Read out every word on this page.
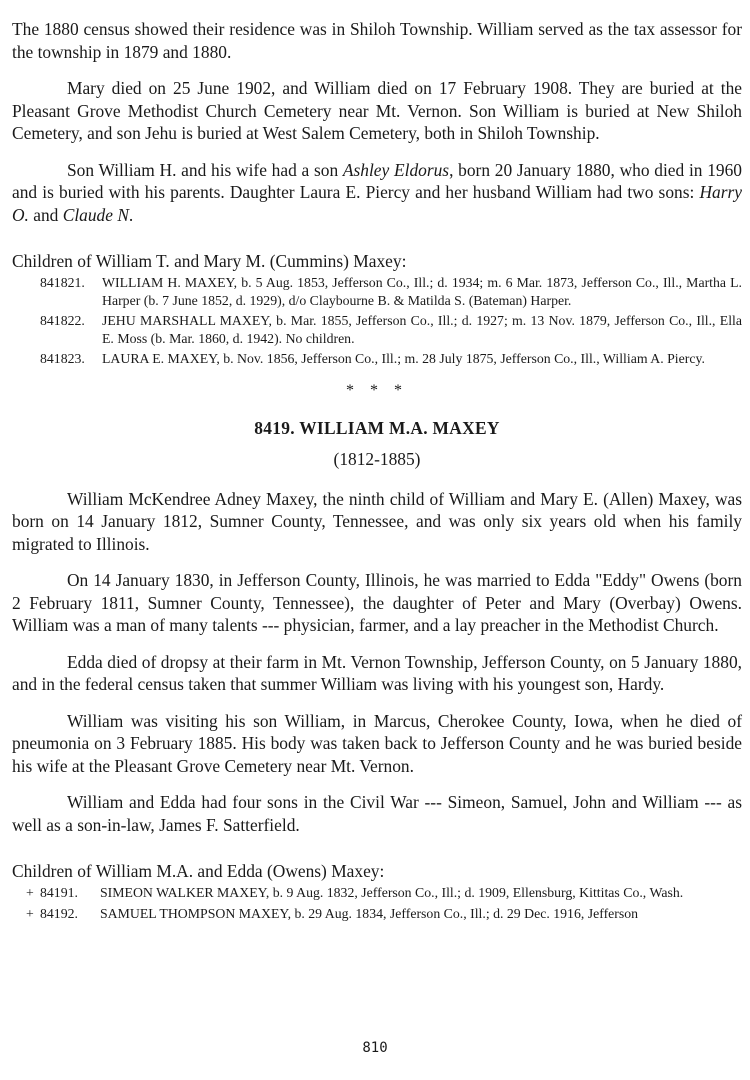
The 1880 census showed their residence was in Shiloh Township. William served as the tax assessor for the township in 1879 and 1880.

Mary died on 25 June 1902, and William died on 17 February 1908. They are buried at the Pleasant Grove Methodist Church Cemetery near Mt. Vernon. Son William is buried at New Shiloh Cemetery, and son Jehu is buried at West Salem Cemetery, both in Shiloh Township.

Son William H. and his wife had a son Ashley Eldorus, born 20 January 1880, who died in 1960 and is buried with his parents. Daughter Laura E. Piercy and her husband William had two sons: Harry O. and Claude N.

Children of William T. and Mary M. (Cummins) Maxey:
841821.	WILLIAM H. MAXEY, b. 5 Aug. 1853, Jefferson Co., Ill.; d. 1934; m. 6 Mar. 1873, Jefferson Co., Ill., Martha L. Harper (b. 7 June 1852, d. 1929), d/o Claybourne B. & Matilda S. (Bateman) Harper.
841822.	JEHU MARSHALL MAXEY, b. Mar. 1855, Jefferson Co., Ill.; d. 1927; m. 13 Nov. 1879, Jefferson Co., Ill., Ella E. Moss (b. Mar. 1860, d. 1942). No children.
841823.	LAURA E. MAXEY, b. Nov. 1856, Jefferson Co., Ill.; m. 28 July 1875, Jefferson Co., Ill., William A. Piercy.
* * *
8419. WILLIAM M.A. MAXEY
(1812-1885)

William McKendree Adney Maxey, the ninth child of William and Mary E. (Allen) Maxey, was born on 14 January 1812, Sumner County, Tennessee, and was only six years old when his family migrated to Illinois.

On 14 January 1830, in Jefferson County, Illinois, he was married to Edda "Eddy" Owens (born 2 February 1811, Sumner County, Tennessee), the daughter of Peter and Mary (Overbay) Owens. William was a man of many talents --- physician, farmer, and a lay preacher in the Methodist Church.

Edda died of dropsy at their farm in Mt. Vernon Township, Jefferson County, on 5 January 1880, and in the federal census taken that summer William was living with his youngest son, Hardy.

William was visiting his son William, in Marcus, Cherokee County, Iowa, when he died of pneumonia on 3 February 1885. His body was taken back to Jefferson County and he was buried beside his wife at the Pleasant Grove Cemetery near Mt. Vernon.

William and Edda had four sons in the Civil War --- Simeon, Samuel, John and William --- as well as a son-in-law, James F. Satterfield.

Children of William M.A. and Edda (Owens) Maxey:
+ 84191.	SIMEON WALKER MAXEY, b. 9 Aug. 1832, Jefferson Co., Ill.; d. 1909, Ellensburg, Kittitas Co., Wash.
+ 84192.	SAMUEL THOMPSON MAXEY, b. 29 Aug. 1834, Jefferson Co., Ill.; d. 29 Dec. 1916, Jefferson
810
